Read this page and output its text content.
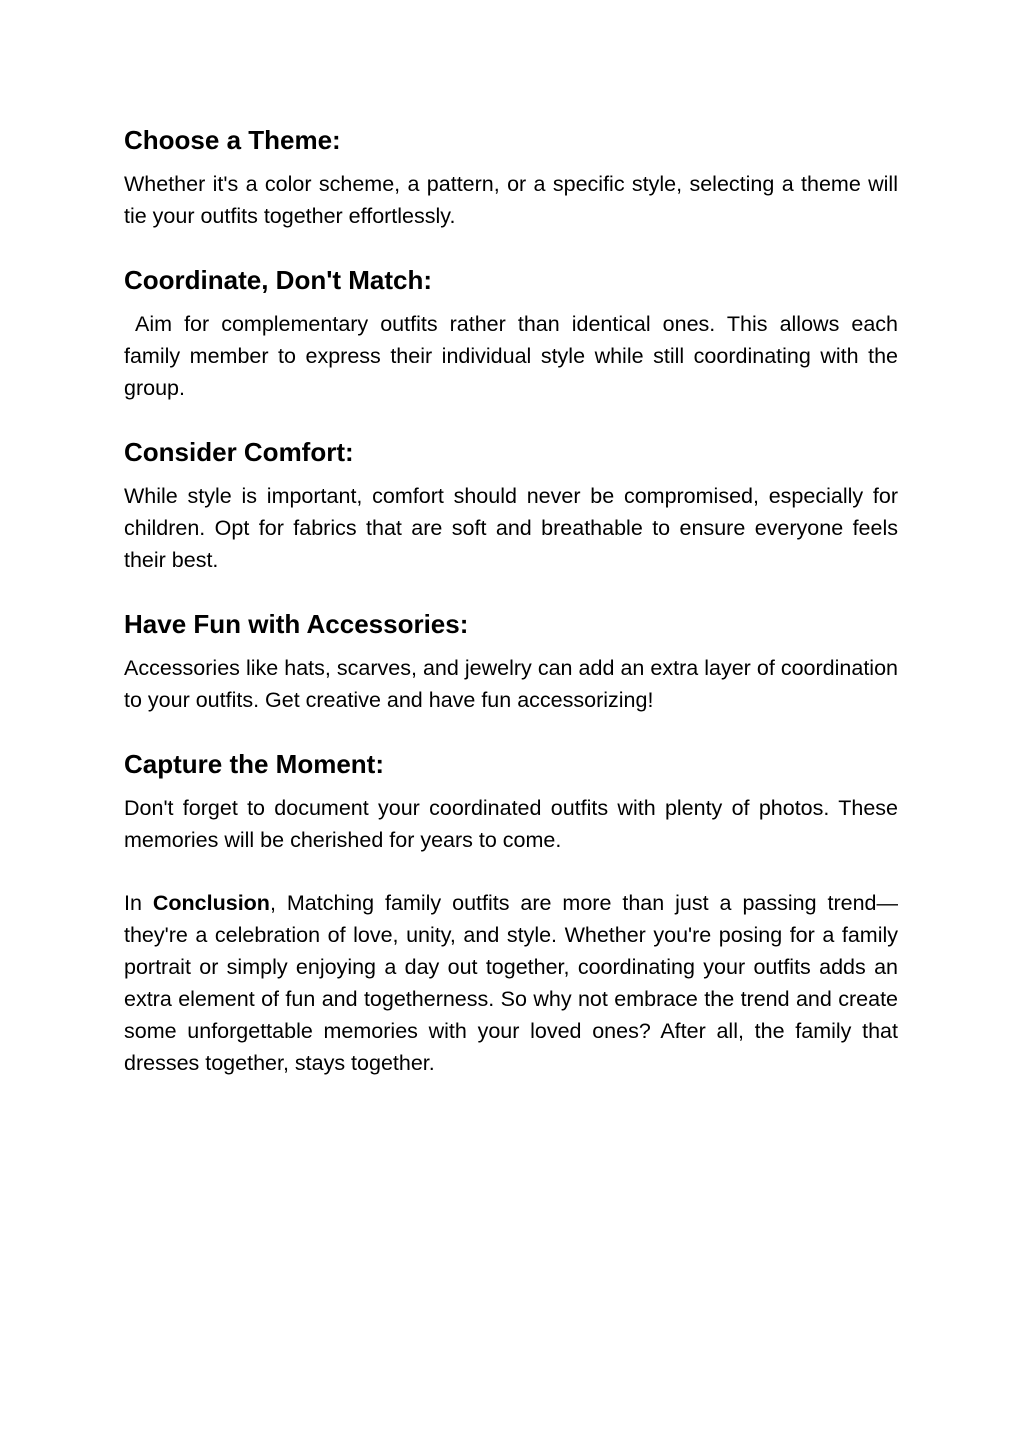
Choose a Theme:

Whether it's a color scheme, a pattern, or a specific style, selecting a theme will tie your outfits together effortlessly.

Coordinate, Don't Match:

Aim for complementary outfits rather than identical ones. This allows each family member to express their individual style while still coordinating with the group.

Consider Comfort:

While style is important, comfort should never be compromised, especially for children. Opt for fabrics that are soft and breathable to ensure everyone feels their best.

Have Fun with Accessories:

Accessories like hats, scarves, and jewelry can add an extra layer of coordination to your outfits. Get creative and have fun accessorizing!

Capture the Moment:

Don't forget to document your coordinated outfits with plenty of photos. These memories will be cherished for years to come.

In Conclusion, Matching family outfits are more than just a passing trend—they're a celebration of love, unity, and style. Whether you're posing for a family portrait or simply enjoying a day out together, coordinating your outfits adds an extra element of fun and togetherness. So why not embrace the trend and create some unforgettable memories with your loved ones? After all, the family that dresses together, stays together.
